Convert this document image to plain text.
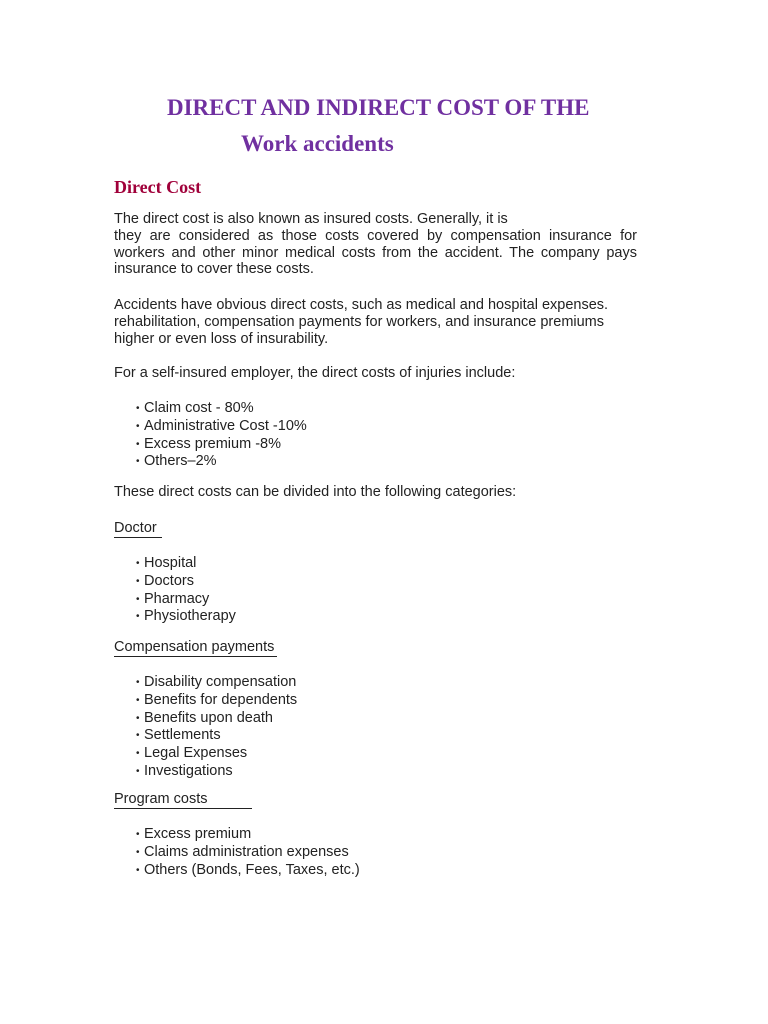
DIRECT AND INDIRECT COST OF THE
Work accidents
Direct Cost
The direct cost is also known as insured costs. Generally, it is

they are considered as those costs covered by compensation insurance for workers and other minor medical costs from the accident. The company pays insurance to cover these costs.

Accidents have obvious direct costs, such as medical and hospital expenses. rehabilitation, compensation payments for workers, and insurance premiums higher or even loss of insurability.

For a self-insured employer, the direct costs of injuries include:

• Claim cost - 80%
• Administrative Cost -10%
• Excess premium -8%
• Others–2%

These direct costs can be divided into the following categories:

Doctor

• Hospital
• Doctors
• Pharmacy
• Physiotherapy

Compensation payments

• Disability compensation
• Benefits for dependents
• Benefits upon death
• Settlements
• Legal Expenses
• Investigations

Program costs

• Excess premium
• Claims administration expenses
• Others (Bonds, Fees, Taxes, etc.)
